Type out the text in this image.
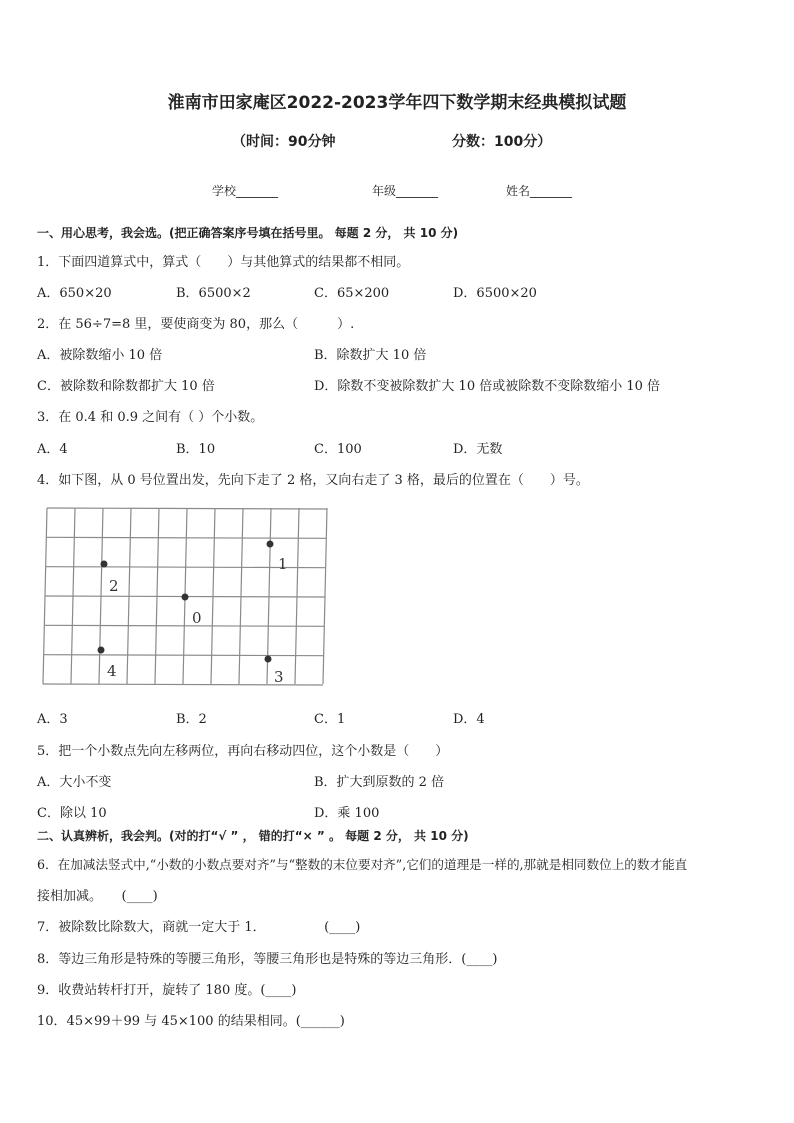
淮南市田家庵区2022-2023学年四下数学期末经典模拟试题
（时间：90分钟	分数：100分）
学校_______	年级_______	姓名_______
一、用心思考，我会选。(把正确答案序号填在括号里。 每题 2 分， 共 10 分)
1．下面四道算式中，算式（　　）与其他算式的结果都不相同。
A．650×20	B．6500×2	C．65×200	D．6500×20
2．在 56÷7=8 里，要使商变为 80，那么（　　　）.
A．被除数缩小 10 倍	B．除数扩大 10 倍
C．被除数和除数都扩大 10 倍	D．除数不变被除数扩大 10 倍或被除数不变除数缩小 10 倍
3．在 0.4 和 0.9 之间有（ ）个小数。
A．4	B．10	C．100	D．无数
4．如下图，从 0 号位置出发，先向下走了 2 格，又向右走了 3 格，最后的位置在（　　）号。
2
0
1
4	3
A．3	B．2	C．1	D．4
5．把一个小数点先向左移两位，再向右移动四位，这个小数是（　　）
A．大小不变	B．扩大到原数的 2 倍
C．除以 10	D．乘 100
二、认真辨析，我会判。(对的打“√ ” ， 错的打“× ” 。 每题 2 分， 共 10 分)
6．在加减法竖式中,“小数的小数点要对齐”与“整数的末位要对齐”,它们的道理是一样的,那就是相同数位上的数才能直
接相加减。　　(____)
7．被除数比除数大，商就一定大于 1．　　　　　(____)
8．等边三角形是特殊的等腰三角形，等腰三角形也是特殊的等边三角形．(____)
9．收费站转杆打开，旋转了 180 度。(____)
10．45×99＋99 与 45×100 的结果相同。(______)
